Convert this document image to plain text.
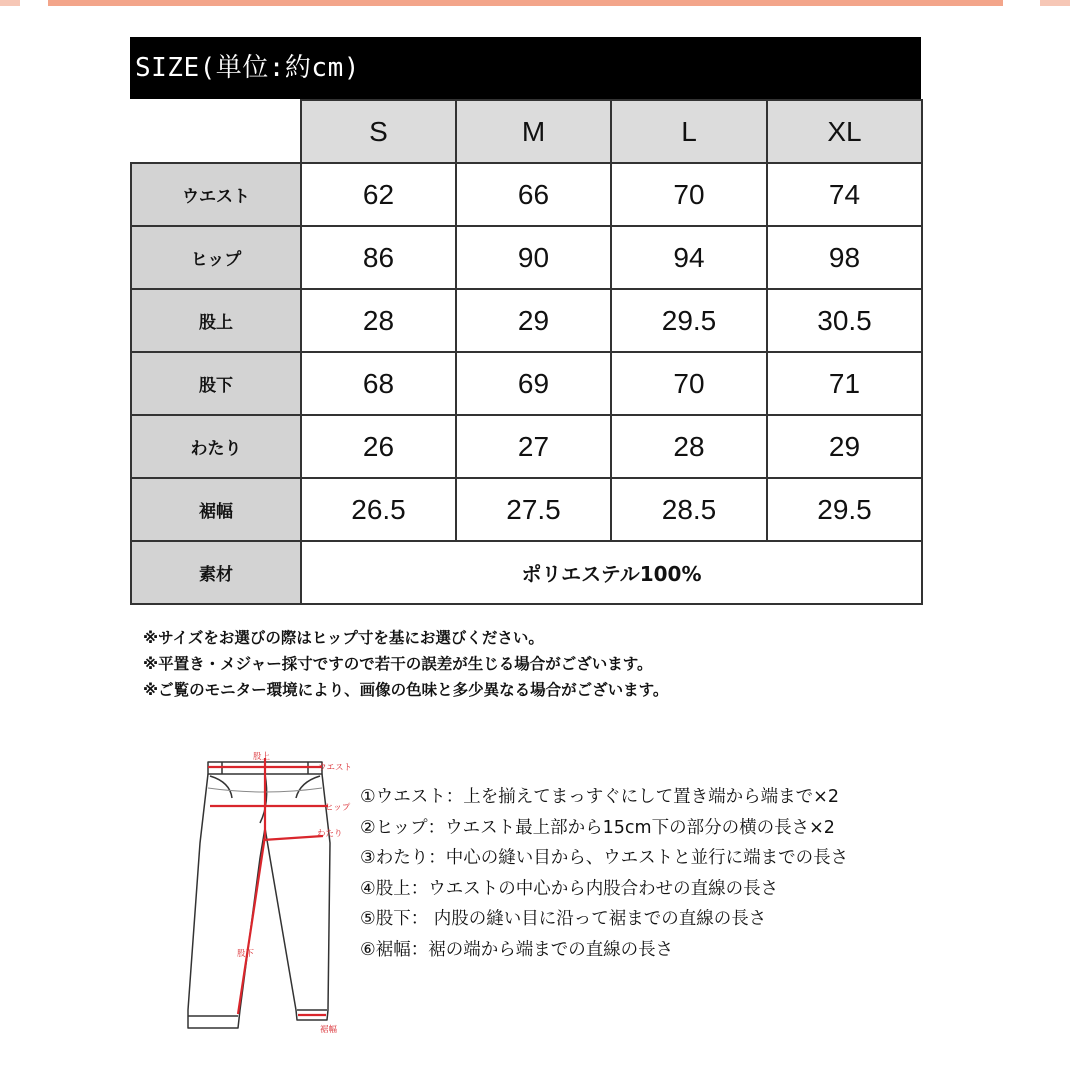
SIZE(単位:約cm)
	S	M	L	XL
ウエスト	62	66	70	74
ヒップ	86	90	94	98
股上	28	29	29.5	30.5
股下	68	69	70	71
わたり	26	27	28	29
裾幅	26.5	27.5	28.5	29.5
素材	ポリエステル100%			
※サイズをお選びの際はヒップ寸を基にお選びください。
※平置き・メジャー採寸ですので若干の誤差が生じる場合がございます。
※ご覧のモニター環境により、画像の色味と多少異なる場合がございます。
股上
ウエスト
ヒップ
わたり
股下
裾幅
①ウエスト：上を揃えてまっすぐにして置き端から端まで×2
②ヒップ：ウエスト最上部から15cm下の部分の横の長さ×2
③わたり：中心の縫い目から、ウエストと並行に端までの長さ
④股上：ウエストの中心から内股合わせの直線の長さ
⑤股下： 内股の縫い目に沿って裾までの直線の長さ
⑥裾幅：裾の端から端までの直線の長さ
